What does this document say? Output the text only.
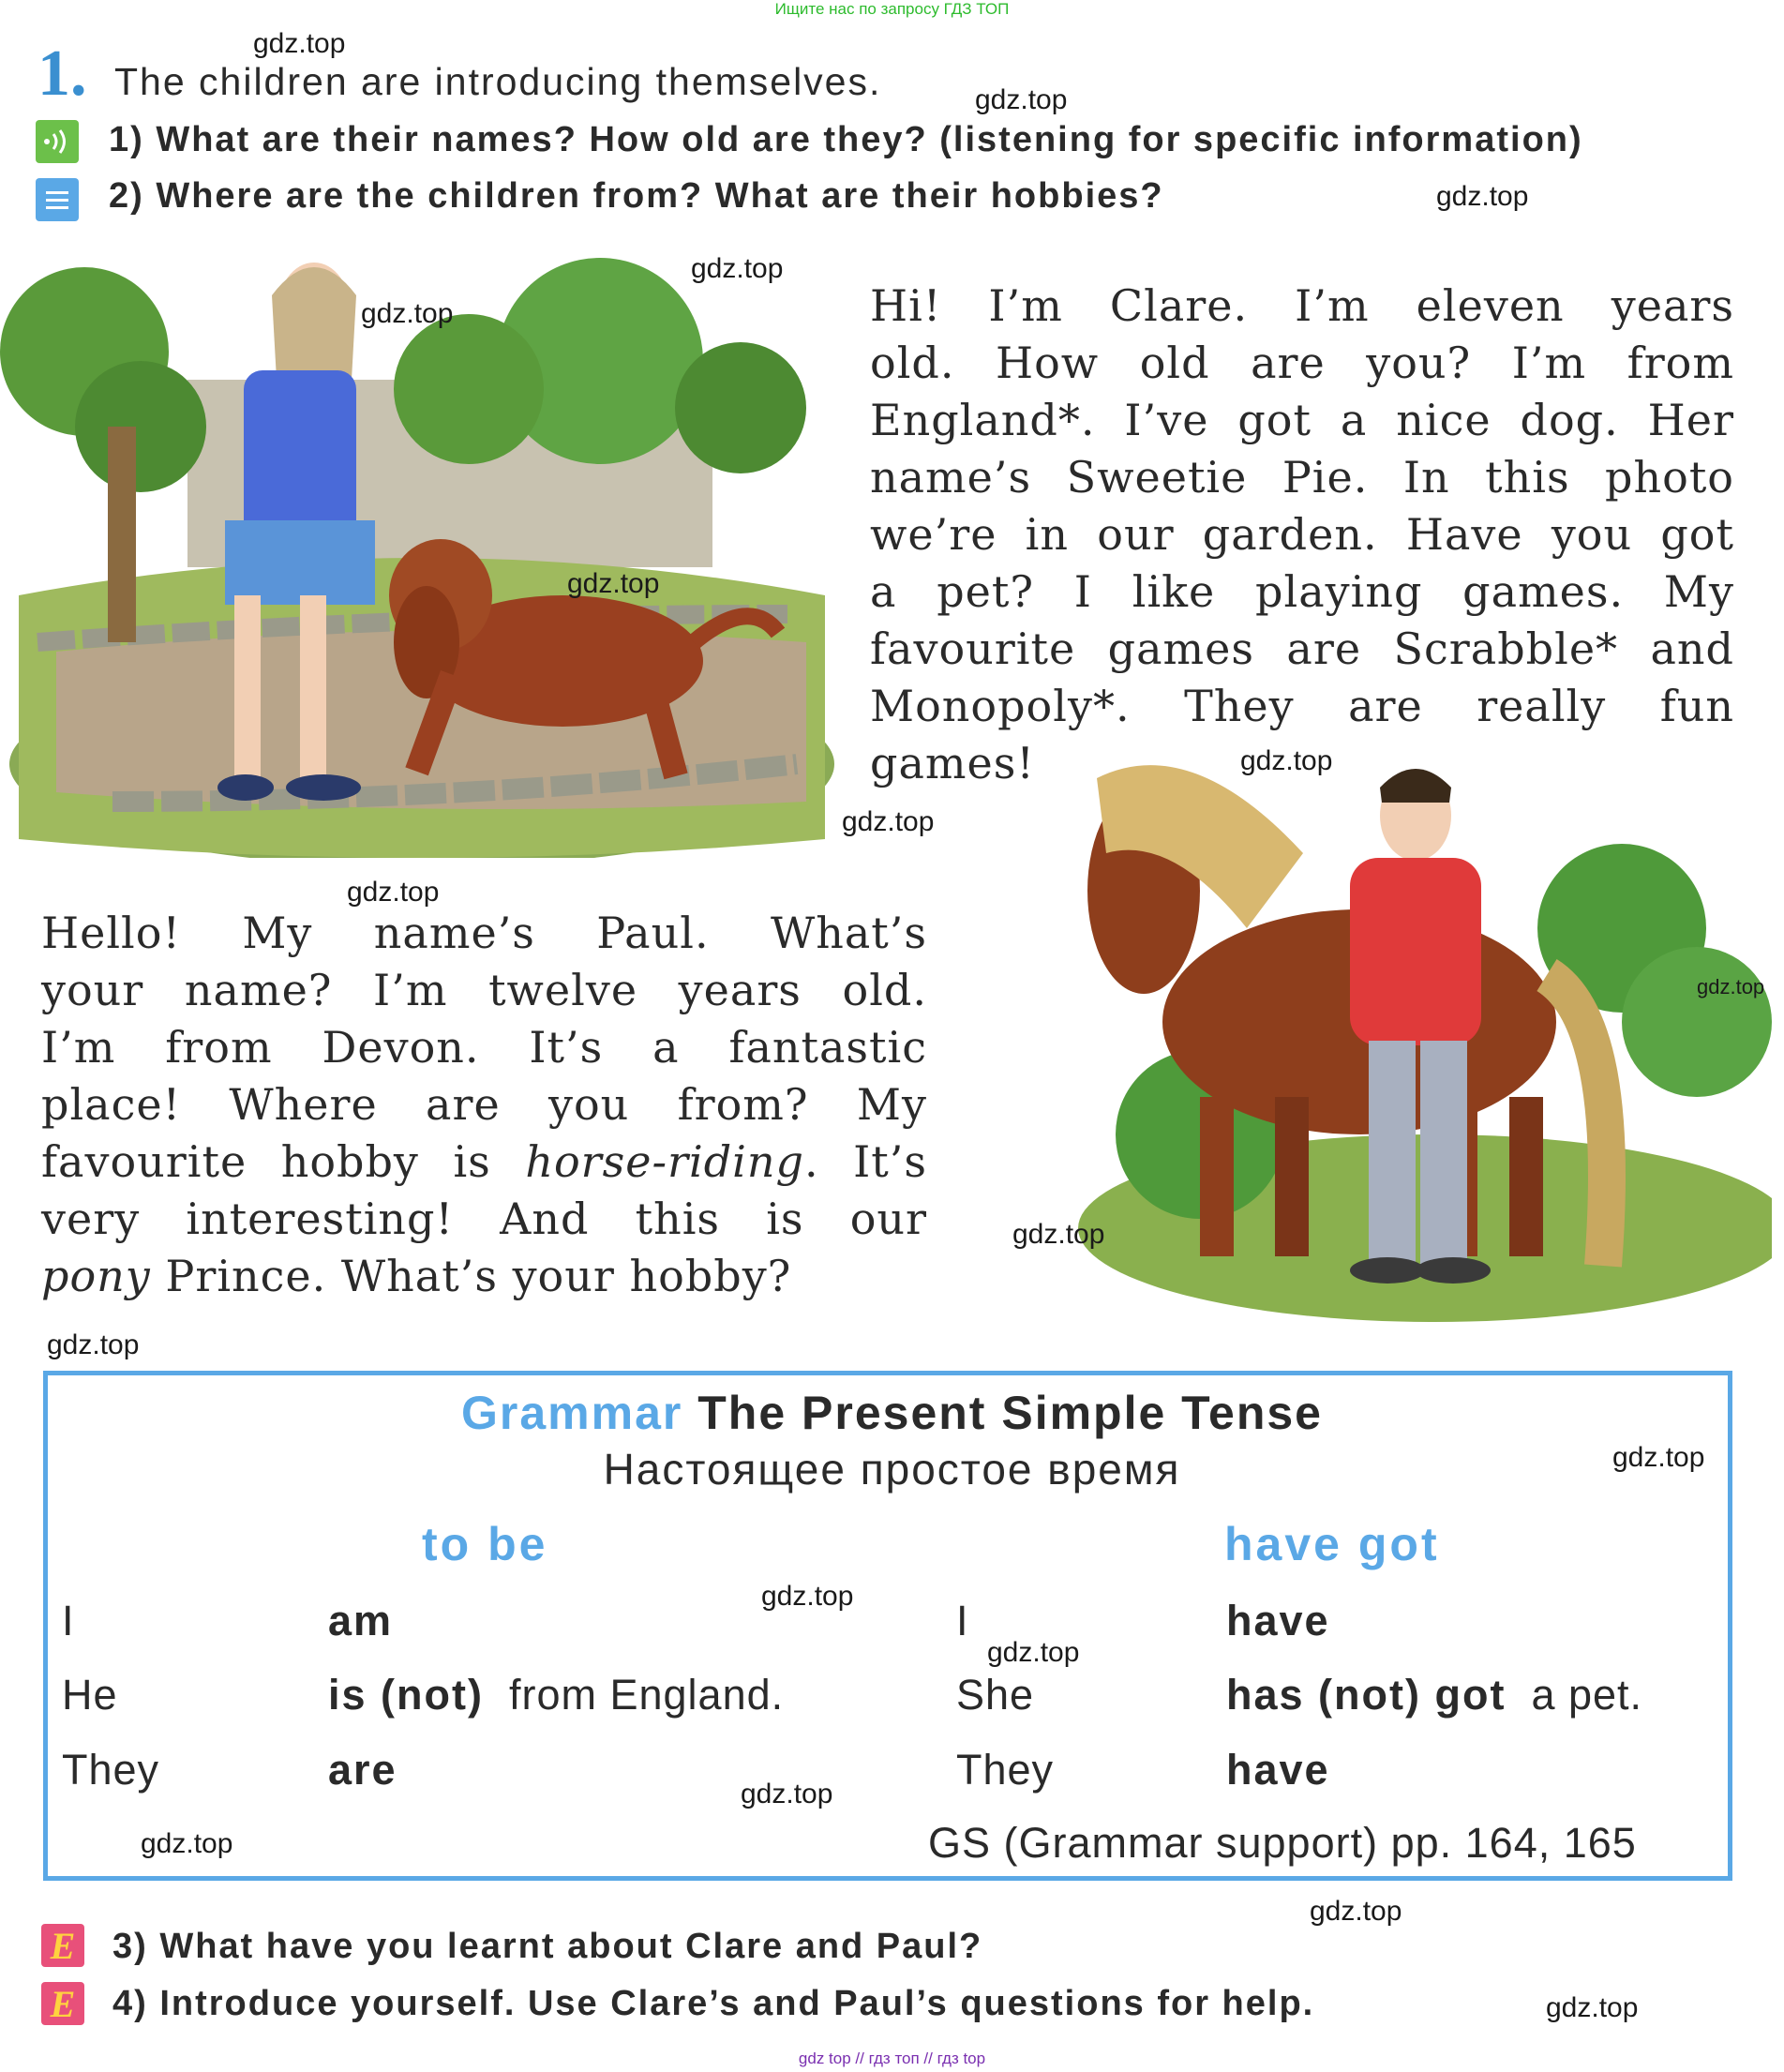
Ищите нас по запросу ГДЗ ТОП
1. The children are introducing themselves.
1) What are their names? How old are they? (listening for specific information)
2) Where are the children from? What are their hobbies?
Hi! I’m Clare. I’m eleven years
old. How old are you? I’m from
England*. I’ve got a nice dog. Her
name’s Sweetie Pie. In this photo
we’re in our garden. Have you got
a pet? I like playing games. My
favourite games are Scrabble* and
Monopoly*. They are really fun
games!
Hello! My name’s Paul. What’s
your name? I’m twelve years old.
I’m from Devon. It’s a fantastic
place! Where are you from? My
favourite hobby is horse-riding. It’s
very interesting! And this is our
pony Prince. What’s your hobby?
Grammar The Present Simple Tense
Настоящее простое время
to be	have got
I	am
He	is (not) from England.
They	are
I	have
She	has (not) got a pet.
They	have
GS (Grammar support) pp. 164, 165
E 3) What have you learnt about Clare and Paul?
E 4) Introduce yourself. Use Clare’s and Paul’s questions for help.
gdz.top
gdz.top
gdz.top
gdz.top
gdz.top
gdz.top
gdz.top
gdz.top
gdz.top
gdz.top
gdz.top
gdz.top
gdz.top
gdz.top
gdz.top
gdz.top
gdz.top
gdz.top
gdz.top
gdz top // гдз топ // гдз top
